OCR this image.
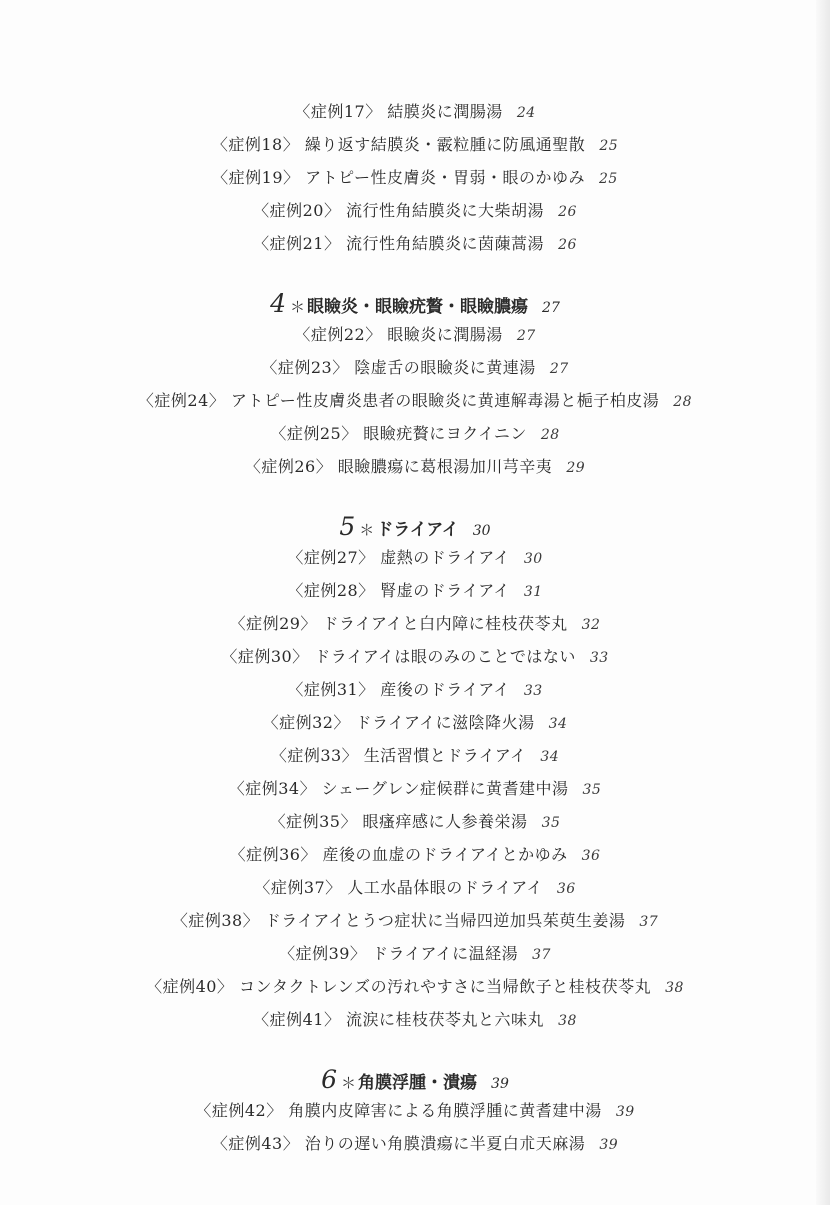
〈症例17〉 結膜炎に潤腸湯 24
〈症例18〉 繰り返す結膜炎・霰粒腫に防風通聖散 25
〈症例19〉 アトピー性皮膚炎・胃弱・眼のかゆみ 25
〈症例20〉 流行性角結膜炎に大柴胡湯 26
〈症例21〉 流行性角結膜炎に茵蔯蒿湯 26
4 ＊ 眼瞼炎・眼瞼疣贅・眼瞼膿瘍 27
〈症例22〉 眼瞼炎に潤腸湯 27
〈症例23〉 陰虚舌の眼瞼炎に黄連湯 27
〈症例24〉 アトピー性皮膚炎患者の眼瞼炎に黄連解毒湯と梔子柏皮湯 28
〈症例25〉 眼瞼疣贅にヨクイニン 28
〈症例26〉 眼瞼膿瘍に葛根湯加川芎辛夷 29
5 ＊ ドライアイ 30
〈症例27〉 虚熱のドライアイ 30
〈症例28〉 腎虚のドライアイ 31
〈症例29〉 ドライアイと白内障に桂枝茯苓丸 32
〈症例30〉 ドライアイは眼のみのことではない 33
〈症例31〉 産後のドライアイ 33
〈症例32〉 ドライアイに滋陰降火湯 34
〈症例33〉 生活習慣とドライアイ 34
〈症例34〉 シェーグレン症候群に黄耆建中湯 35
〈症例35〉 眼瘙痒感に人参養栄湯 35
〈症例36〉 産後の血虚のドライアイとかゆみ 36
〈症例37〉 人工水晶体眼のドライアイ 36
〈症例38〉 ドライアイとうつ症状に当帰四逆加呉茱萸生姜湯 37
〈症例39〉 ドライアイに温経湯 37
〈症例40〉 コンタクトレンズの汚れやすさに当帰飲子と桂枝茯苓丸 38
〈症例41〉 流涙に桂枝茯苓丸と六味丸 38
6 ＊ 角膜浮腫・潰瘍 39
〈症例42〉 角膜内皮障害による角膜浮腫に黄耆建中湯 39
〈症例43〉 治りの遅い角膜潰瘍に半夏白朮天麻湯 39
